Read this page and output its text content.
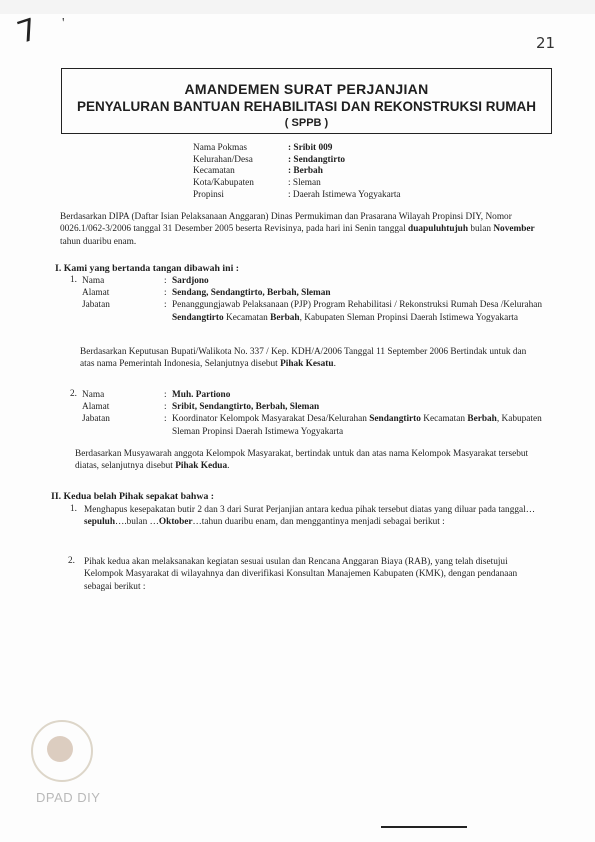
7 '
21
AMANDEMEN SURAT PERJANJIAN
PENYALURAN BANTUAN REHABILITASI DAN REKONSTRUKSI RUMAH
( SPPB )
Nama Pokmas	: Sribit 009
Kelurahan/Desa	: Sendangtirto
Kecamatan	: Berbah
Kota/Kabupaten	: Sleman
Propinsi	: Daerah Istimewa Yogyakarta
Berdasarkan DIPA (Daftar Isian Pelaksanaan Anggaran) Dinas Permukiman dan Prasarana Wilayah Propinsi DIY, Nomor 0026.1/062-3/2006 tanggal 31 Desember 2005 beserta Revisinya, pada hari ini Senin tanggal duapuluhtujuh bulan November tahun duaribu enam.
I. Kami yang bertanda tangan dibawah ini :
1. Nama	: Sardjono
Alamat	: Sendang, Sendangtirto, Berbah, Sleman
Jabatan	: Penanggungjawab Pelaksanaan (PJP) Program Rehabilitasi / Rekonstruksi Rumah Desa /Kelurahan Sendangtirto Kecamatan Berbah, Kabupaten Sleman Propinsi Daerah Istimewa Yogyakarta
Berdasarkan Keputusan Bupati/Walikota No. 337 / Kep. KDH/A/2006 Tanggal 11 September 2006 Bertindak untuk dan atas nama Pemerintah Indonesia, Selanjutnya disebut Pihak Kesatu.
2. Nama	: Muh. Partiono
Alamat	: Sribit, Sendangtirto, Berbah, Sleman
Jabatan	: Koordinator Kelompok Masyarakat Desa/Kelurahan Sendangtirto Kecamatan Berbah, Kabupaten Sleman Propinsi Daerah Istimewa Yogyakarta
Berdasarkan Musyawarah anggota Kelompok Masyarakat, bertindak untuk dan atas nama Kelompok Masyarakat tersebut diatas, selanjutnya disebut Pihak Kedua.
II. Kedua belah Pihak sepakat bahwa :
1. Menghapus kesepakatan butir 2 dan 3 dari Surat Perjanjian antara kedua pihak tersebut diatas yang diluar pada tanggal…sepuluh….bulan …Oktober…tahun duaribu enam, dan menggantinya menjadi sebagai berikut :
2. Pihak kedua akan melaksanakan kegiatan sesuai usulan dan Rencana Anggaran Biaya (RAB), yang telah disetujui Kelompok Masyarakat di wilayahnya dan diverifikasi Konsultan Manajemen Kabupaten (KMK), dengan pendanaan sebagai berikut :
DPAD DIY
